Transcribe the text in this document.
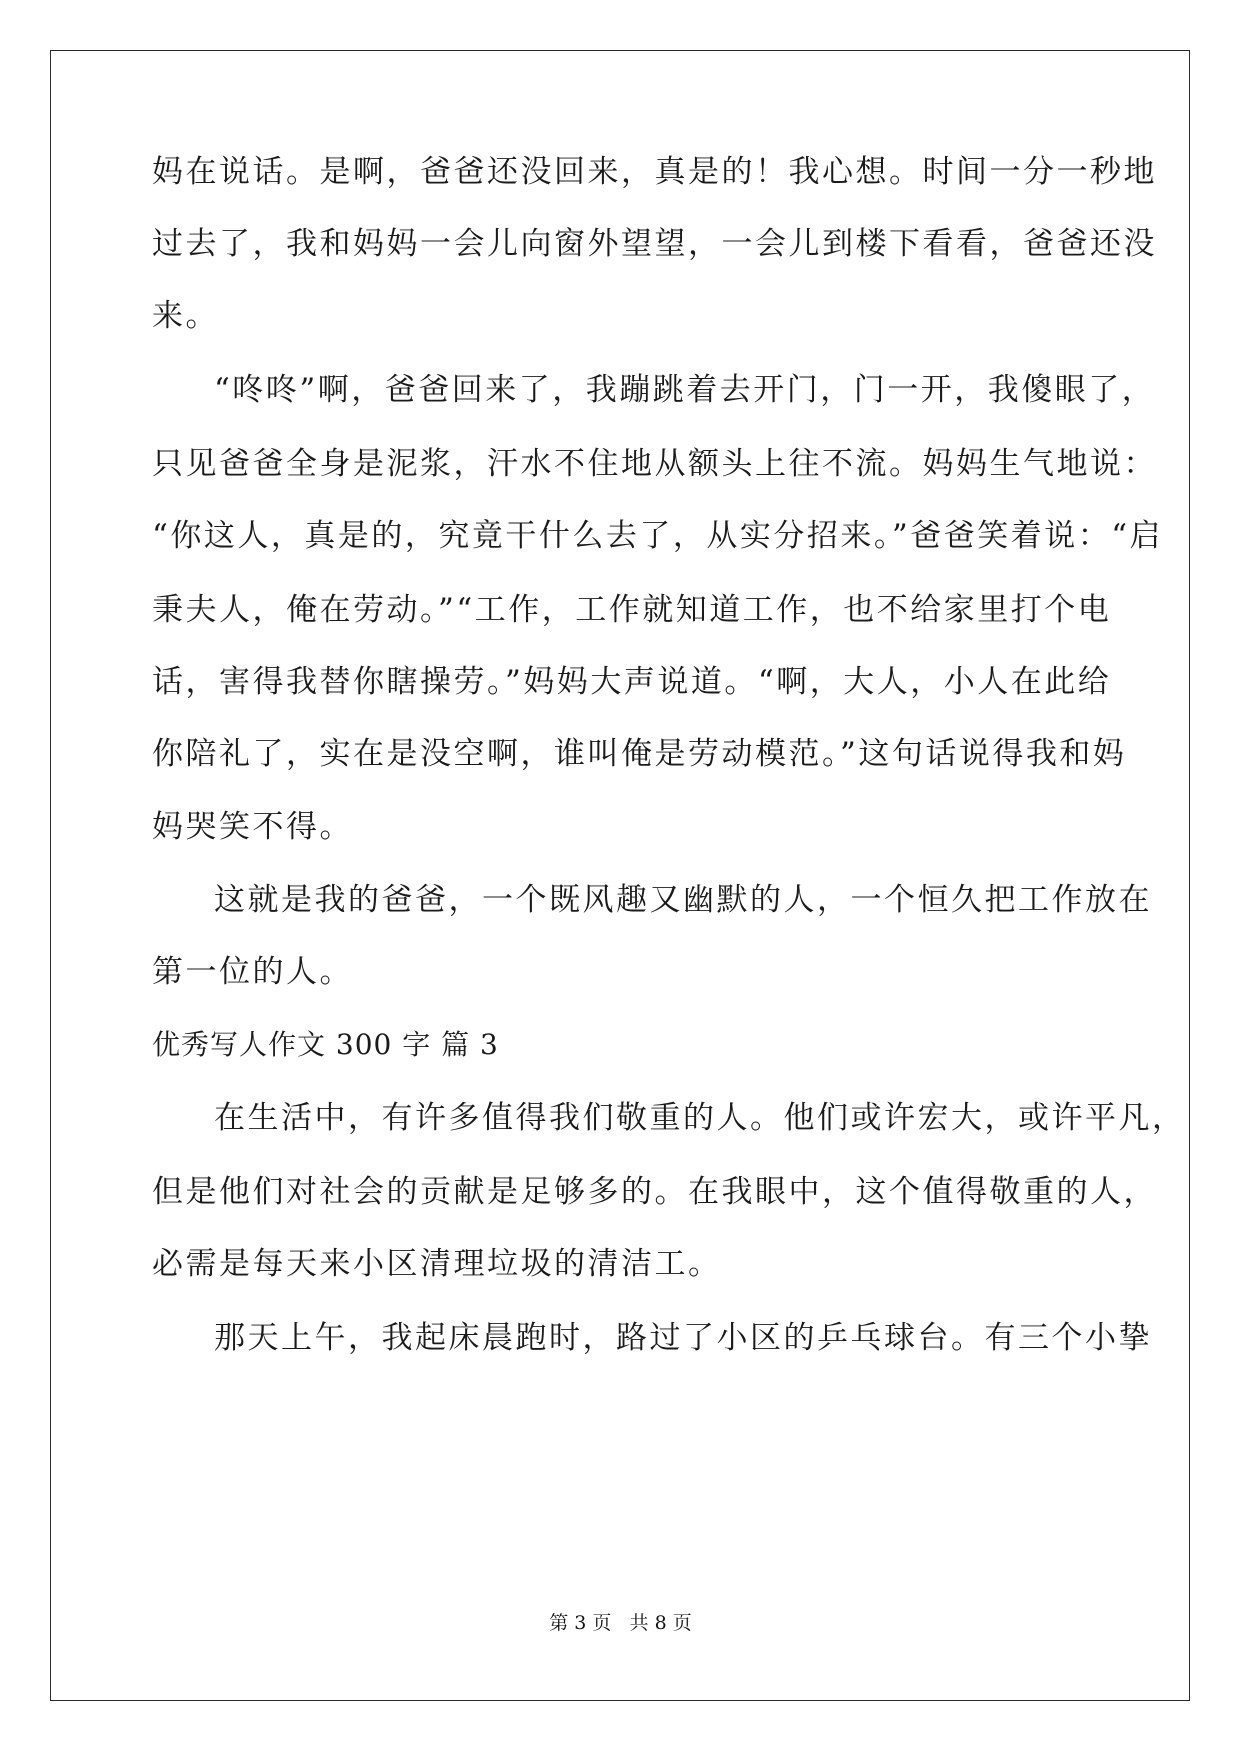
妈在说话。是啊，爸爸还没回来，真是的！我心想。时间一分一秒地
过去了，我和妈妈一会儿向窗外望望，一会儿到楼下看看，爸爸还没
来。
“咚咚”啊，爸爸回来了，我蹦跳着去开门，门一开，我傻眼了，
只见爸爸全身是泥浆，汗水不住地从额头上往不流。妈妈生气地说：
“你这人，真是的，究竟干什么去了，从实分招来。”爸爸笑着说：“启
秉夫人，俺在劳动。”“工作，工作就知道工作，也不给家里打个电
话，害得我替你瞎操劳。”妈妈大声说道。“啊，大人，小人在此给
你陪礼了，实在是没空啊，谁叫俺是劳动模范。”这句话说得我和妈
妈哭笑不得。
这就是我的爸爸，一个既风趣又幽默的人，一个恒久把工作放在
第一位的人。
优秀写人作文 300 字 篇 3
在生活中，有许多值得我们敬重的人。他们或许宏大，或许平凡，
但是他们对社会的贡献是足够多的。在我眼中，这个值得敬重的人，
必需是每天来小区清理垃圾的清洁工。
那天上午，我起床晨跑时，路过了小区的乒乓球台。有三个小挚
第 3 页   共 8 页
